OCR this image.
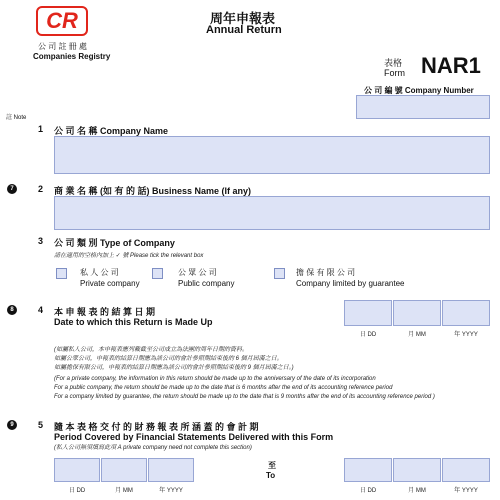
CR
公 司 註 冊 處
Companies Registry
周年申報表
Annual Return
表格
Form NAR1
公 司 編 號 Company Number
註 Note
1 公 司 名 稱 Company Name
7	2 商 業 名 稱 (如 有 的 話) Business Name (If any)
3 公 司 類 別 Type of Company
請在適用的空格內加上 ✓ 號 Please tick the relevant box
私 人 公 司
Private company
公 眾 公 司
Public company
擔 保 有 限 公 司
Company limited by guarantee
8	4 本 申 報 表 的 結 算 日 期
Date to which this Return is Made Up
日 DD	月 MM	年 YYYY
(如屬私人公司，本申報表應列載截至公司成立為法團的周年日期的資料。
如屬公眾公司，申報表的結算日期應為該公司的會計參照期結束後的 6 個月屆滿之日。
如屬擔保有限公司，申報表的結算日期應為該公司的會計參照期結束後的 9 個月屆滿之日。)
(For a private company, the information in this return should be made up to the anniversary of the date of its incorporation
For a public company, the return should be made up to the date that is 6 months after the end of its accounting reference period
For a company limited by guarantee, the return should be made up to the date that is 9 months after the end of its accounting reference period )
9	5 隨 本 表 格 交 付 的 財 務 報 表 所 涵 蓋 的 會 計 期
Period Covered by Financial Statements Delivered with this Form
(私人公司無須填寫此項 A private company need not complete this section)
日 DD	月 MM	年 YYYY
至
To
日 DD	月 MM	年 YYYY
